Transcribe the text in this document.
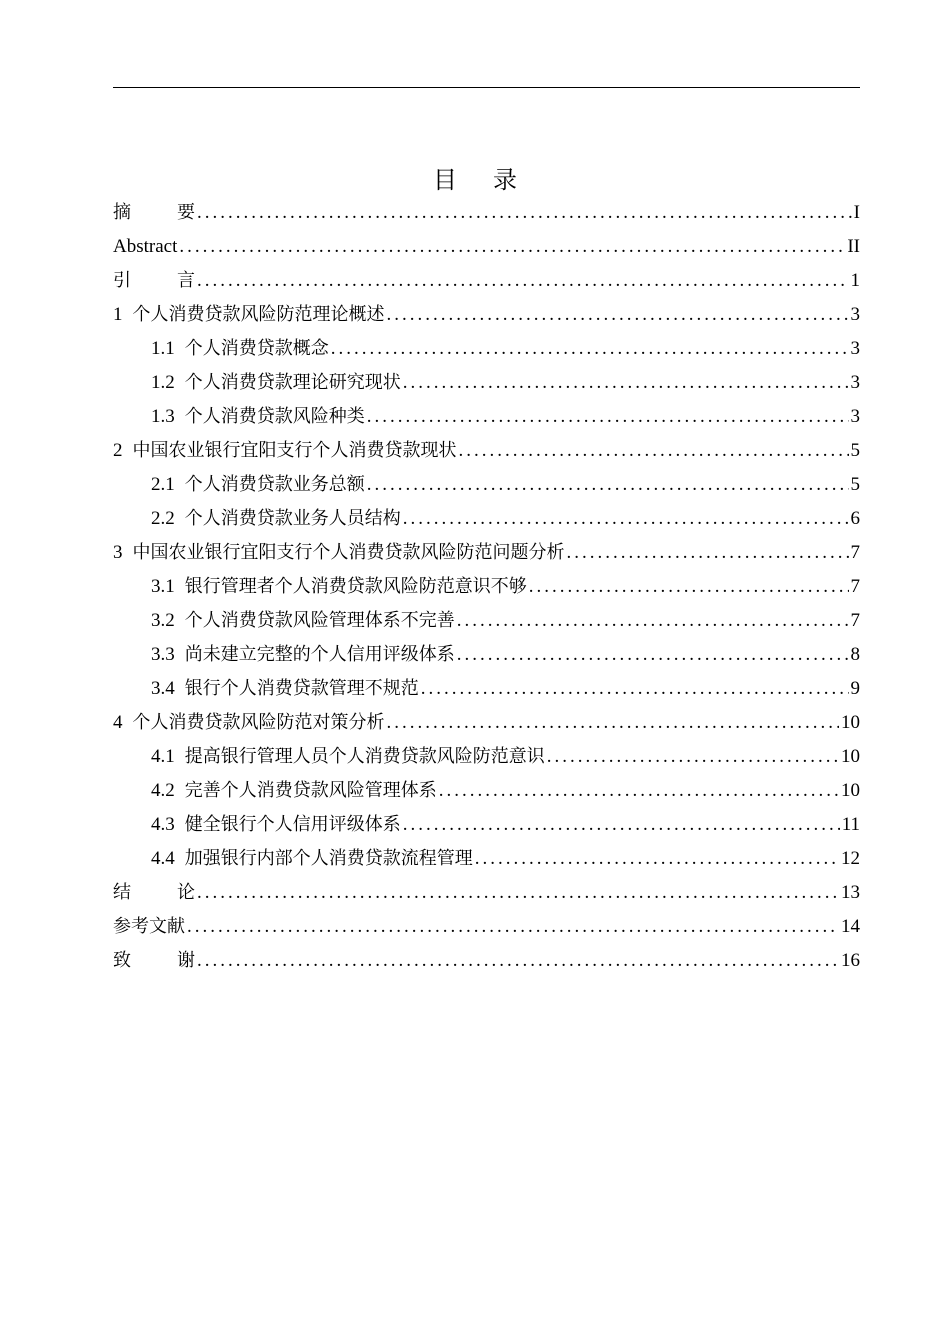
目 录
摘要 .....	I
Abstract .....	II
引言 .....	1
1 个人消费贷款风险防范理论概述 .....	3
1.1 个人消费贷款概念 .....	3
1.2 个人消费贷款理论研究现状 .....	3
1.3 个人消费贷款风险种类 .....	3
2 中国农业银行宜阳支行个人消费贷款现状 .....	5
2.1 个人消费贷款业务总额 .....	5
2.2 个人消费贷款业务人员结构 .....	6
3 中国农业银行宜阳支行个人消费贷款风险防范问题分析 .....	7
3.1 银行管理者个人消费贷款风险防范意识不够 .....	7
3.2 个人消费贷款风险管理体系不完善 .....	7
3.3 尚未建立完整的个人信用评级体系 .....	8
3.4 银行个人消费贷款管理不规范 .....	9
4 个人消费贷款风险防范对策分析 .....	10
4.1 提高银行管理人员个人消费贷款风险防范意识 .....	10
4.2 完善个人消费贷款风险管理体系 .....	10
4.3 健全银行个人信用评级体系 .....	11
4.4 加强银行内部个人消费贷款流程管理 .....	12
结论 .....	13
参考文献 .....	14
致谢 .....	16
